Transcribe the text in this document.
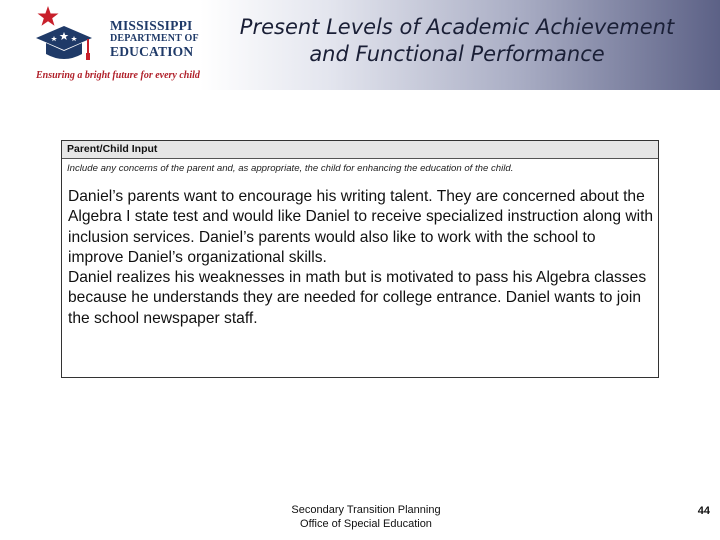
MISSISSIPPI
DEPARTMENT OF
EDUCATION
Ensuring a bright future for every child
Present Levels of Academic Achievement
and Functional Performance
Parent/Child Input
Include any concerns of the parent and, as appropriate, the child for enhancing the education of the child.
Daniel’s parents want to encourage his writing talent. They are concerned about the
Algebra I state test and would like Daniel to receive specialized instruction along with
inclusion services. Daniel’s parents would also like to work with the school to
improve Daniel’s organizational skills.
Daniel realizes his weaknesses in math but is motivated to pass his Algebra classes
because he understands they are needed for college entrance. Daniel wants to join
the school newspaper staff.
Secondary Transition Planning
Office of Special Education
44
